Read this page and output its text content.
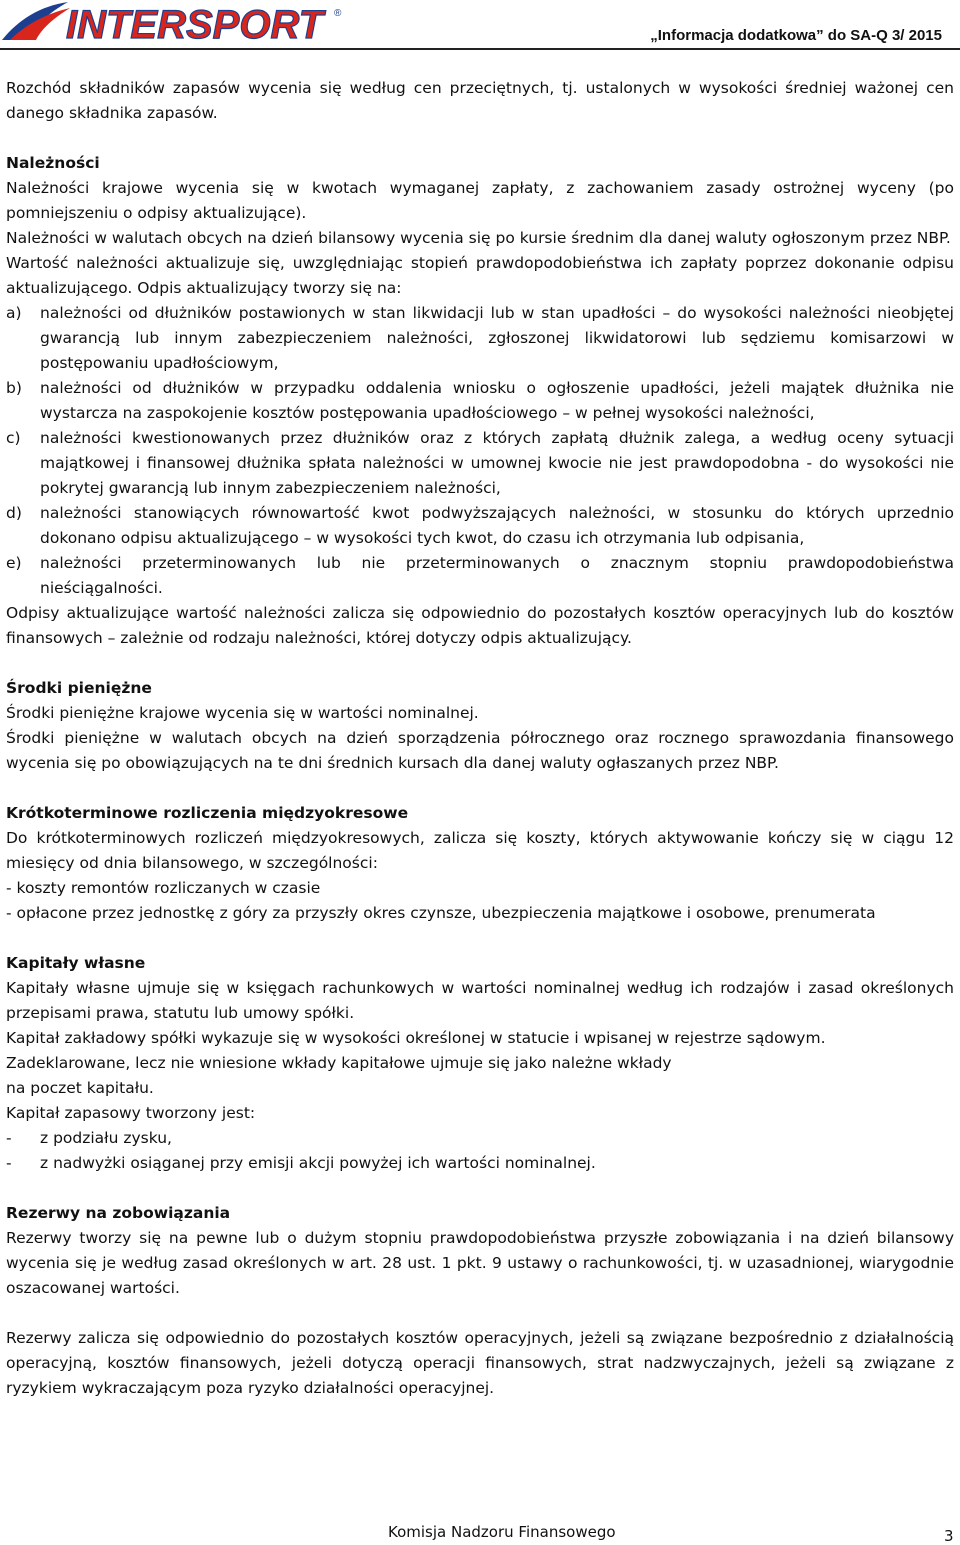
INTERSPORT	®
„Informacja dodatkowa” do SA-Q 3/ 2015

Rozchód składników zapasów wycenia się według cen przeciętnych, tj. ustalonych w wysokości średniej ważonej cen danego składnika zapasów.

Należności

Należności krajowe wycenia się w kwotach wymaganej zapłaty, z zachowaniem zasady ostrożnej wyceny (po pomniejszeniu o odpisy aktualizujące).

Należności w walutach obcych na dzień bilansowy wycenia się po kursie średnim dla danej waluty ogłoszonym przez NBP.

Wartość należności aktualizuje się, uwzględniając stopień prawdopodobieństwa ich zapłaty poprzez dokonanie odpisu aktualizującego. Odpis aktualizujący tworzy się na:

a)	należności od dłużników postawionych w stan likwidacji lub w stan upadłości – do wysokości należności nieobjętej gwarancją lub innym zabezpieczeniem należności, zgłoszonej likwidatorowi lub sędziemu komisarzowi w postępowaniu upadłościowym,
b)	należności od dłużników w przypadku oddalenia wniosku o ogłoszenie upadłości, jeżeli majątek dłużnika nie wystarcza na zaspokojenie kosztów postępowania upadłościowego – w pełnej wysokości należności,
c)	należności kwestionowanych przez dłużników oraz z których zapłatą dłużnik zalega, a według oceny sytuacji majątkowej i finansowej dłużnika spłata należności w umownej kwocie nie jest prawdopodobna - do wysokości nie pokrytej gwarancją lub innym zabezpieczeniem należności,
d)	należności stanowiących równowartość kwot podwyższających należności, w stosunku do których uprzednio dokonano odpisu aktualizującego – w wysokości tych kwot, do czasu ich otrzymania lub odpisania,
e)	należności przeterminowanych lub nie przeterminowanych o znacznym stopniu prawdopodobieństwa nieściągalności.

Odpisy aktualizujące wartość należności zalicza się odpowiednio do pozostałych kosztów operacyjnych lub do kosztów finansowych – zależnie od rodzaju należności, której dotyczy odpis aktualizujący.

Środki pieniężne

Środki pieniężne krajowe wycenia się w wartości nominalnej.

Środki pieniężne w walutach obcych na dzień sporządzenia półrocznego oraz rocznego sprawozdania finansowego wycenia się po obowiązujących na te dni średnich kursach dla danej waluty ogłaszanych przez NBP.

Krótkoterminowe rozliczenia międzyokresowe

Do krótkoterminowych rozliczeń międzyokresowych, zalicza się koszty, których aktywowanie kończy się w ciągu 12 miesięcy od dnia bilansowego, w szczególności:

- koszty remontów rozliczanych w czasie

- opłacone przez jednostkę z góry za przyszły okres czynsze, ubezpieczenia majątkowe i osobowe, prenumerata

Kapitały własne

Kapitały własne ujmuje się w księgach rachunkowych w wartości nominalnej według ich rodzajów i zasad określonych przepisami prawa, statutu lub umowy spółki.

Kapitał zakładowy spółki wykazuje się w wysokości określonej w statucie i wpisanej w rejestrze sądowym.

Zadeklarowane, lecz nie wniesione wkłady kapitałowe ujmuje się jako należne wkłady

na poczet kapitału.

Kapitał zapasowy tworzony jest:

-	z podziału zysku,
-	z nadwyżki osiąganej przy emisji akcji powyżej ich wartości nominalnej.

Rezerwy na zobowiązania

Rezerwy tworzy się na pewne lub o dużym stopniu prawdopodobieństwa przyszłe zobowiązania i na dzień bilansowy wycenia się je według zasad określonych w art. 28 ust. 1 pkt. 9 ustawy o rachunkowości, tj. w uzasadnionej, wiarygodnie oszacowanej wartości.

Rezerwy zalicza się odpowiednio do pozostałych kosztów operacyjnych, jeżeli są związane bezpośrednio z działalnością operacyjną, kosztów finansowych, jeżeli dotyczą operacji finansowych, strat nadzwyczajnych, jeżeli są związane z ryzykiem wykraczającym poza ryzyko działalności operacyjnej.

Komisja Nadzoru Finansowego	3
